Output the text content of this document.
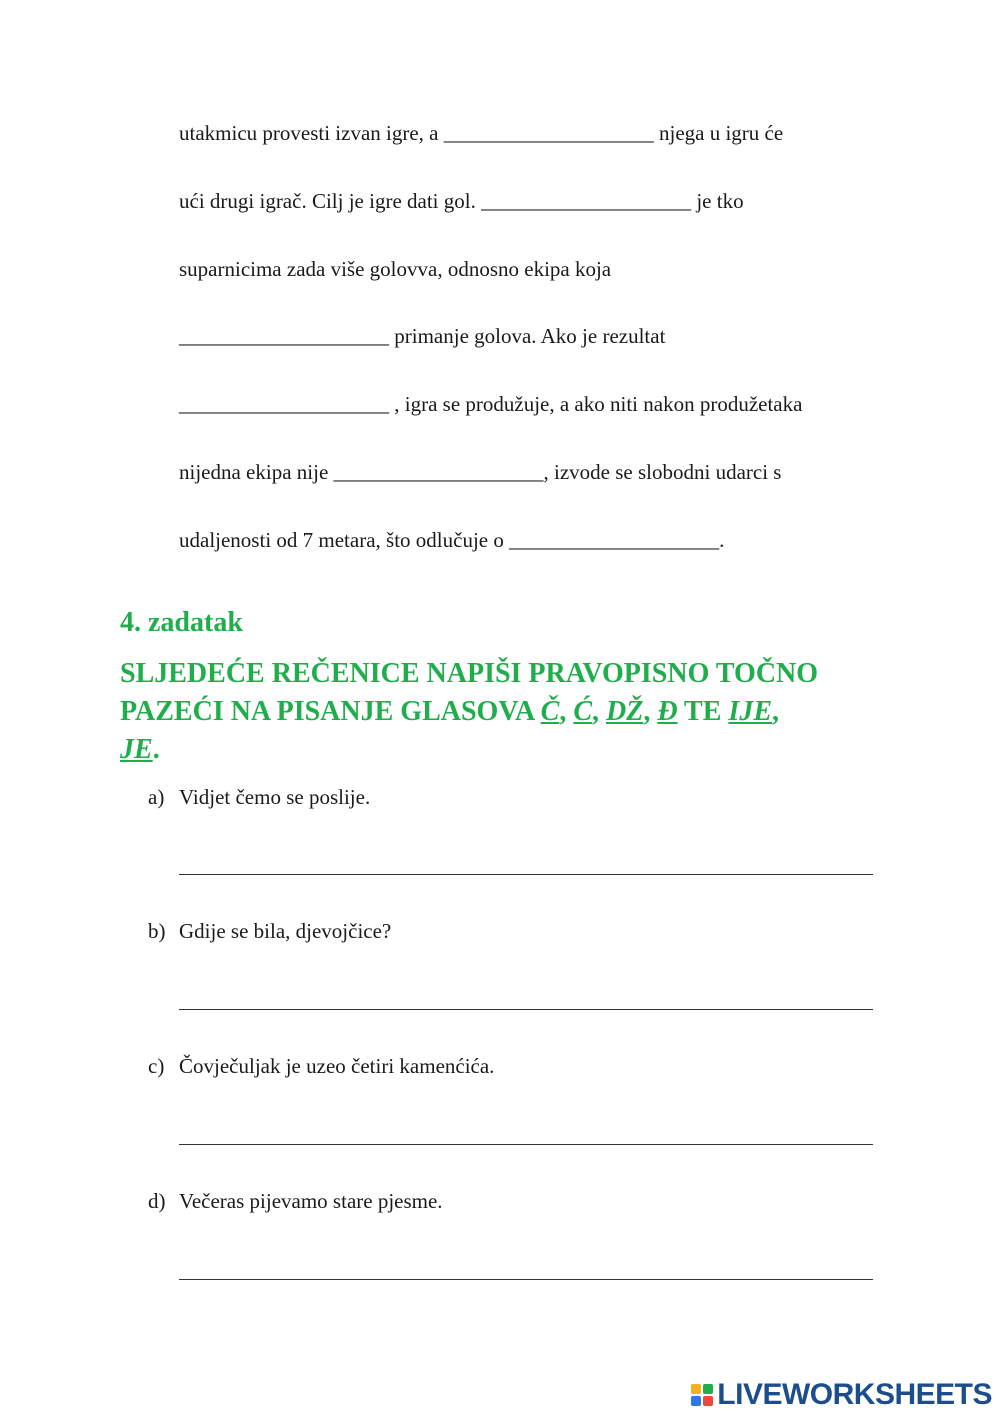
utakmicu provesti izvan igre, a ____________________ njega u igru će
ući drugi igrač. Cilj je igre dati gol. ____________________ je tko
suparnicima zada više golovva, odnosno ekipa koja
____________________ primanje golova. Ako je rezultat
____________________ , igra se produžuje, a ako niti nakon produžetaka
nijedna ekipa nije ____________________, izvode se slobodni udarci s
udaljenosti od 7 metara, što odlučuje o ____________________.
4. zadatak
SLJEDEĆE REČENICE NAPIŠI PRAVOPISNO TOČNO
PAZEĆI NA PISANJE GLASOVA Č, Ć, DŽ, Đ TE IJE,
JE.
a) Vidjet čemo se poslije.
b) Gdije se bila, djevojčice?
c) Čovječuljak je uzeo četiri kamenćića.
d) Večeras pijevamo stare pjesme.
LIVEWORKSHEETS
